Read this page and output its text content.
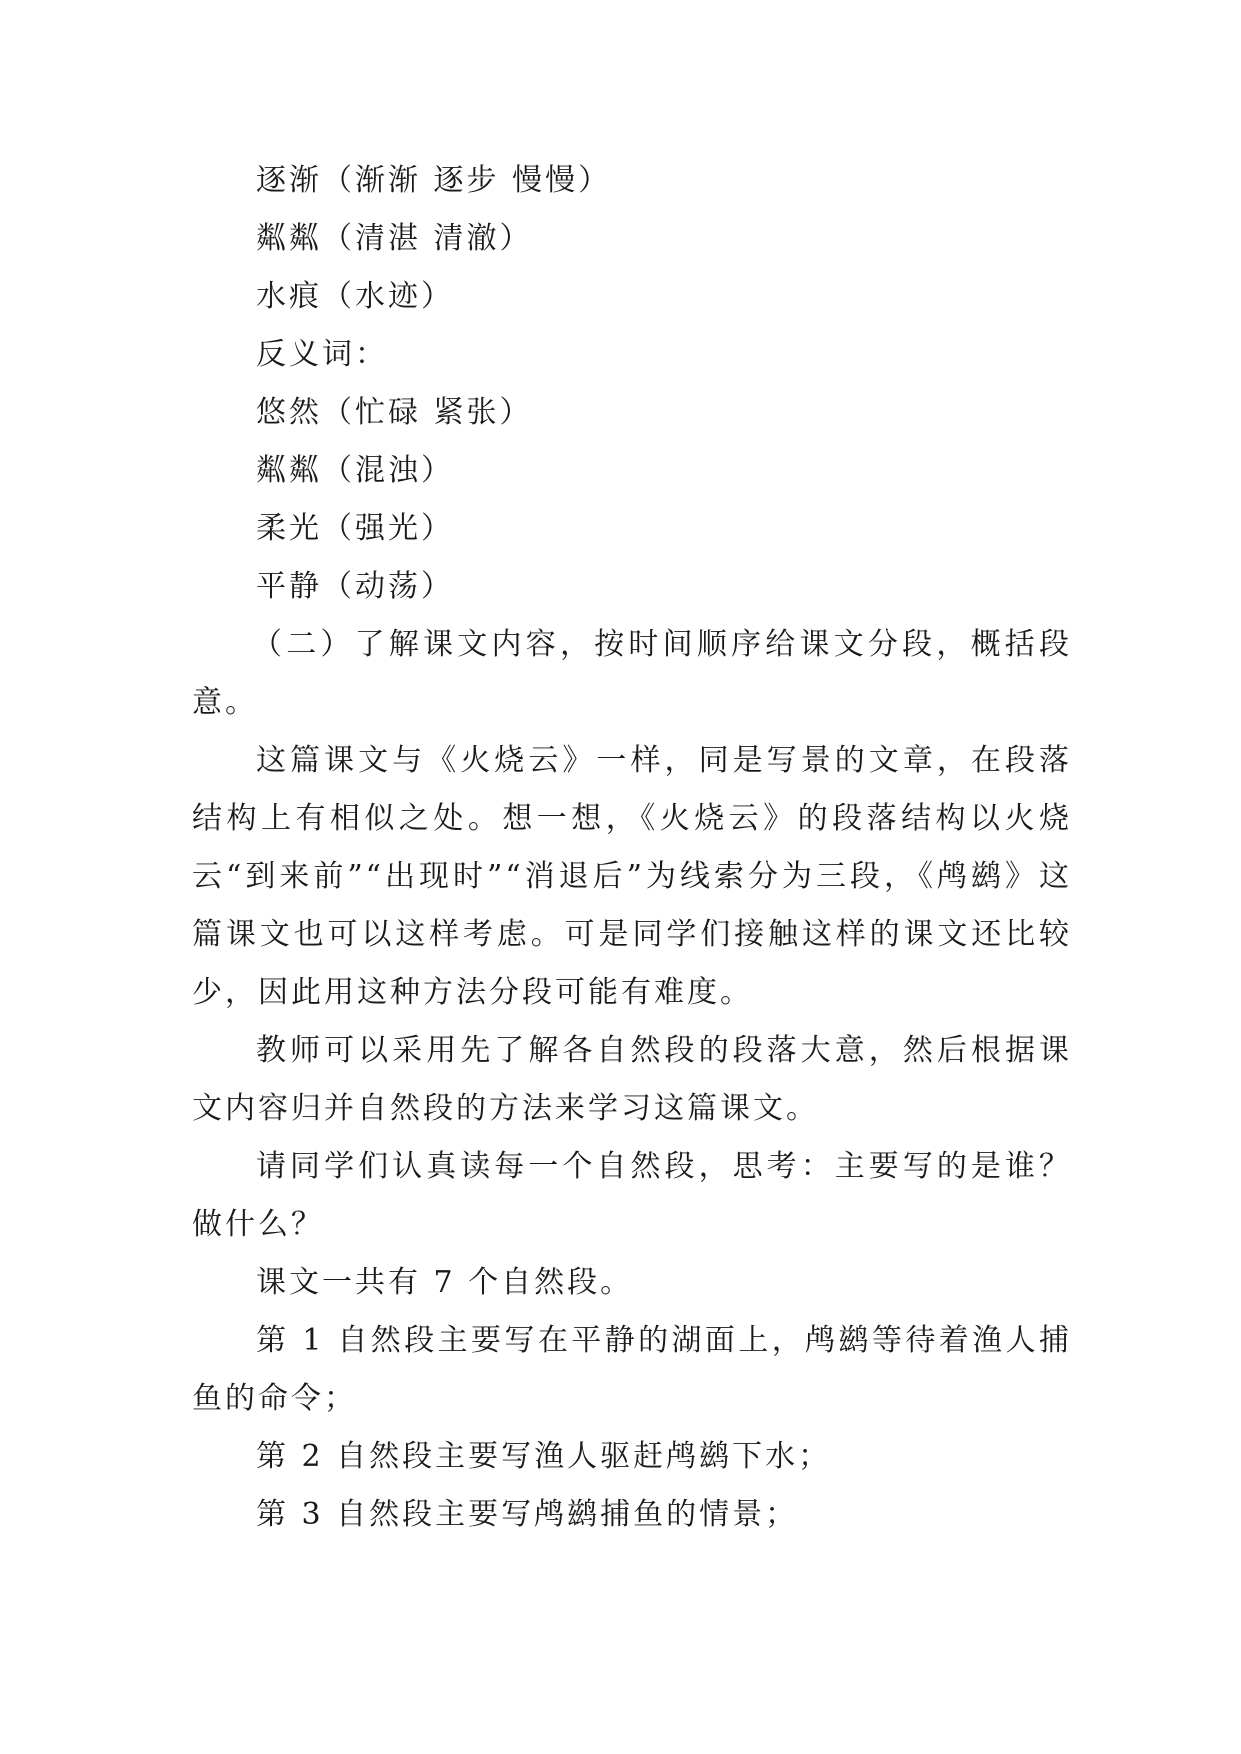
逐渐（渐渐 逐步 慢慢）

粼粼（清湛 清澈）

水痕（水迹）

反义词：

悠然（忙碌 紧张）

粼粼（混浊）

柔光（强光）

平静（动荡）

（二）了解课文内容，按时间顺序给课文分段，概括段意。

这篇课文与《火烧云》一样，同是写景的文章，在段落结构上有相似之处。想一想，《火烧云》的段落结构以火烧云“到来前”“出现时”“消退后”为线索分为三段，《鸬鹚》这篇课文也可以这样考虑。可是同学们接触这样的课文还比较少，因此用这种方法分段可能有难度。

教师可以采用先了解各自然段的段落大意，然后根据课文内容归并自然段的方法来学习这篇课文。

请同学们认真读每一个自然段，思考：主要写的是谁？做什么？

课文一共有 7 个自然段。

第 1 自然段主要写在平静的湖面上，鸬鹚等待着渔人捕鱼的命令；

第 2 自然段主要写渔人驱赶鸬鹚下水；

第 3 自然段主要写鸬鹚捕鱼的情景；
